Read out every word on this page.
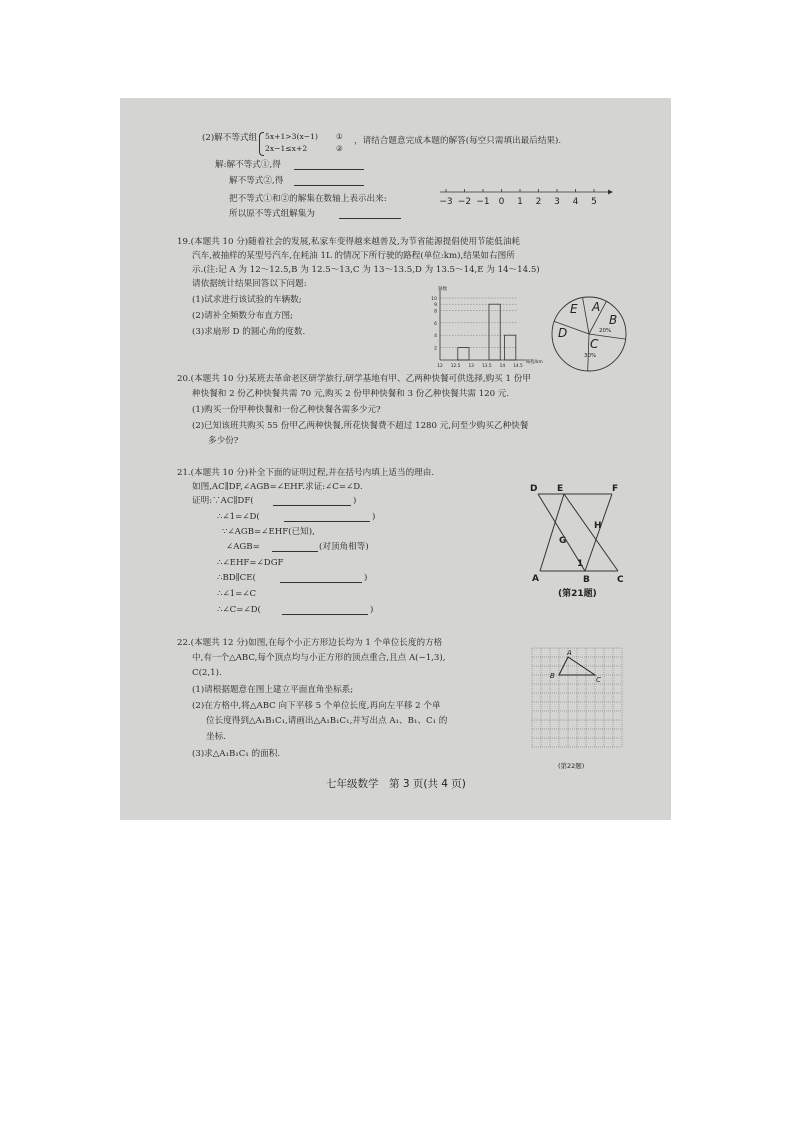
(2)解不等式组 5x+1>3(x−1) ①
2x−1≤x+2	②
，请结合题意完成本题的解答(每空只需填出最后结果).
解:解不等式①,得
解不等式②,得
把不等式①和②的解集在数轴上表示出来:
所以原不等式组解集为
−3 −2 −1 0 1 2 3 4 5
19.(本题共 10 分)随着社会的发展,私家车变得越来越普及,为节省能源提倡使用节能低油耗
汽车,被抽样的某型号汽车,在耗油 1L 的情况下所行驶的路程(单位:km),结果如右图所
示.(注:记 A 为 12～12.5,B 为 12.5～13,C 为 13～13.5,D 为 13.5～14,E 为 14～14.5)
请依据统计结果回答以下问题:
(1)试求进行该试验的车辆数;
(2)请补全频数分布直方图;
(3)求扇形 D 的圆心角的度数.
频数
路程/km
2
4
6
8
9
10
12 12.5 13 13.5 14 14.5
A
B
C
D
E
20%
30%
20.(本题共 10 分)某班去革命老区研学旅行,研学基地有甲、乙两种快餐可供选择,购买 1 份甲
种快餐和 2 份乙种快餐共需 70 元,购买 2 份甲种快餐和 3 份乙种快餐共需 120 元.
(1)购买一份甲种快餐和一份乙种快餐各需多少元?
(2)已知该班共购买 55 份甲乙两种快餐,所花快餐费不超过 1280 元,问至少购买乙种快餐
多少份?
21.(本题共 10 分)补全下面的证明过程,并在括号内填上适当的理由.
如图,AC∥DF,∠AGB=∠EHF.求证:∠C=∠D.
证明:∵AC∥DF(	)
∴∠1=∠D(	)
∵∠AGB=∠EHF(已知),
∠AGB=	(对顶角相等)
∴∠EHF=∠DGF
∴BD∥CE(	)
∴∠1=∠C
∴∠C=∠D(	)
D E	F
H
G
1
A	B	C
(第21题)
22.(本题共 12 分)如图,在每个小正方形边长均为 1 个单位长度的方格
中,有一个△ABC,每个顶点均与小正方形的顶点重合,且点 A(−1,3),
C(2,1).
(1)请根据题意在图上建立平面直角坐标系;
(2)在方格中,将△ABC 向下平移 5 个单位长度,再向左平移 2 个单
位长度得到△A₁B₁C₁,请画出△A₁B₁C₁,并写出点 A₁、B₁、C₁ 的
坐标.
(3)求△A₁B₁C₁ 的面积.
A
B	C
(第22题)
七年级数学　第 3 页(共 4 页)
